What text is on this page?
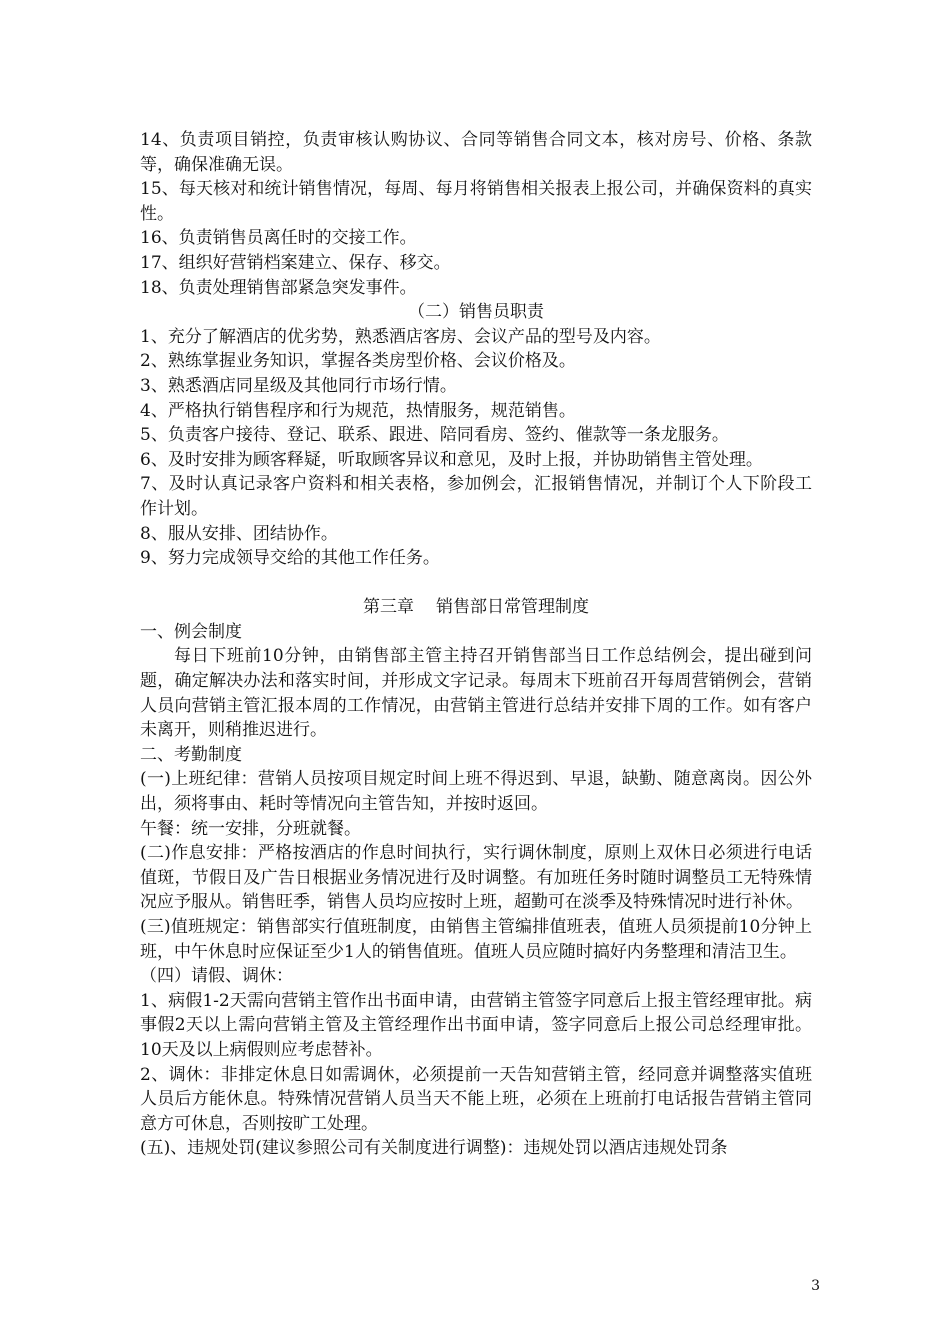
14、负责项目销控，负责审核认购协议、合同等销售合同文本，核对房号、价格、条款等，确保准确无误。

15、每天核对和统计销售情况，每周、每月将销售相关报表上报公司，并确保资料的真实性。

16、负责销售员离任时的交接工作。

17、组织好营销档案建立、保存、移交。

18、负责处理销售部紧急突发事件。

（二）销售员职责

1、充分了解酒店的优劣势，熟悉酒店客房、会议产品的型号及内容。

2、熟练掌握业务知识，掌握各类房型价格、会议价格及。

3、熟悉酒店同星级及其他同行市场行情。

4、严格执行销售程序和行为规范，热情服务，规范销售。

5、负责客户接待、登记、联系、跟进、陪同看房、签约、催款等一条龙服务。

6、及时安排为顾客释疑，听取顾客异议和意见，及时上报，并协助销售主管处理。

7、及时认真记录客户资料和相关表格，参加例会，汇报销售情况，并制订个人下阶段工作计划。

8、服从安排、团结协作。

9、努力完成领导交给的其他工作任务。

第三章 销售部日常管理制度

一、例会制度

每日下班前10分钟，由销售部主管主持召开销售部当日工作总结例会，提出碰到问题，确定解决办法和落实时间，并形成文字记录。每周末下班前召开每周营销例会，营销人员向营销主管汇报本周的工作情况，由营销主管进行总结并安排下周的工作。如有客户未离开，则稍推迟进行。

二、考勤制度

(一)上班纪律：营销人员按项目规定时间上班不得迟到、早退，缺勤、随意离岗。因公外出，须将事由、耗时等情况向主管告知，并按时返回。

午餐：统一安排，分班就餐。

(二)作息安排：严格按酒店的作息时间执行，实行调休制度，原则上双休日必须进行电话值斑，节假日及广告日根据业务情况进行及时调整。有加班任务时随时调整员工无特殊情况应予服从。销售旺季，销售人员均应按时上班，超勤可在淡季及特殊情况时进行补休。

(三)值班规定：销售部实行值班制度，由销售主管编排值班表，值班人员须提前10分钟上班，中午休息时应保证至少1人的销售值班。值班人员应随时搞好内务整理和清洁卫生。

（四）请假、调休：

1、病假1-2天需向营销主管作出书面申请，由营销主管签字同意后上报主管经理审批。病事假2天以上需向营销主管及主管经理作出书面申请，签字同意后上报公司总经理审批。10天及以上病假则应考虑替补。

2、调休：非排定休息日如需调休，必须提前一天告知营销主管，经同意并调整落实值班人员后方能休息。特殊情况营销人员当天不能上班，必须在上班前打电话报告营销主管同意方可休息，否则按旷工处理。

(五)、违规处罚(建议参照公司有关制度进行调整)：违规处罚以酒店违规处罚条

3
